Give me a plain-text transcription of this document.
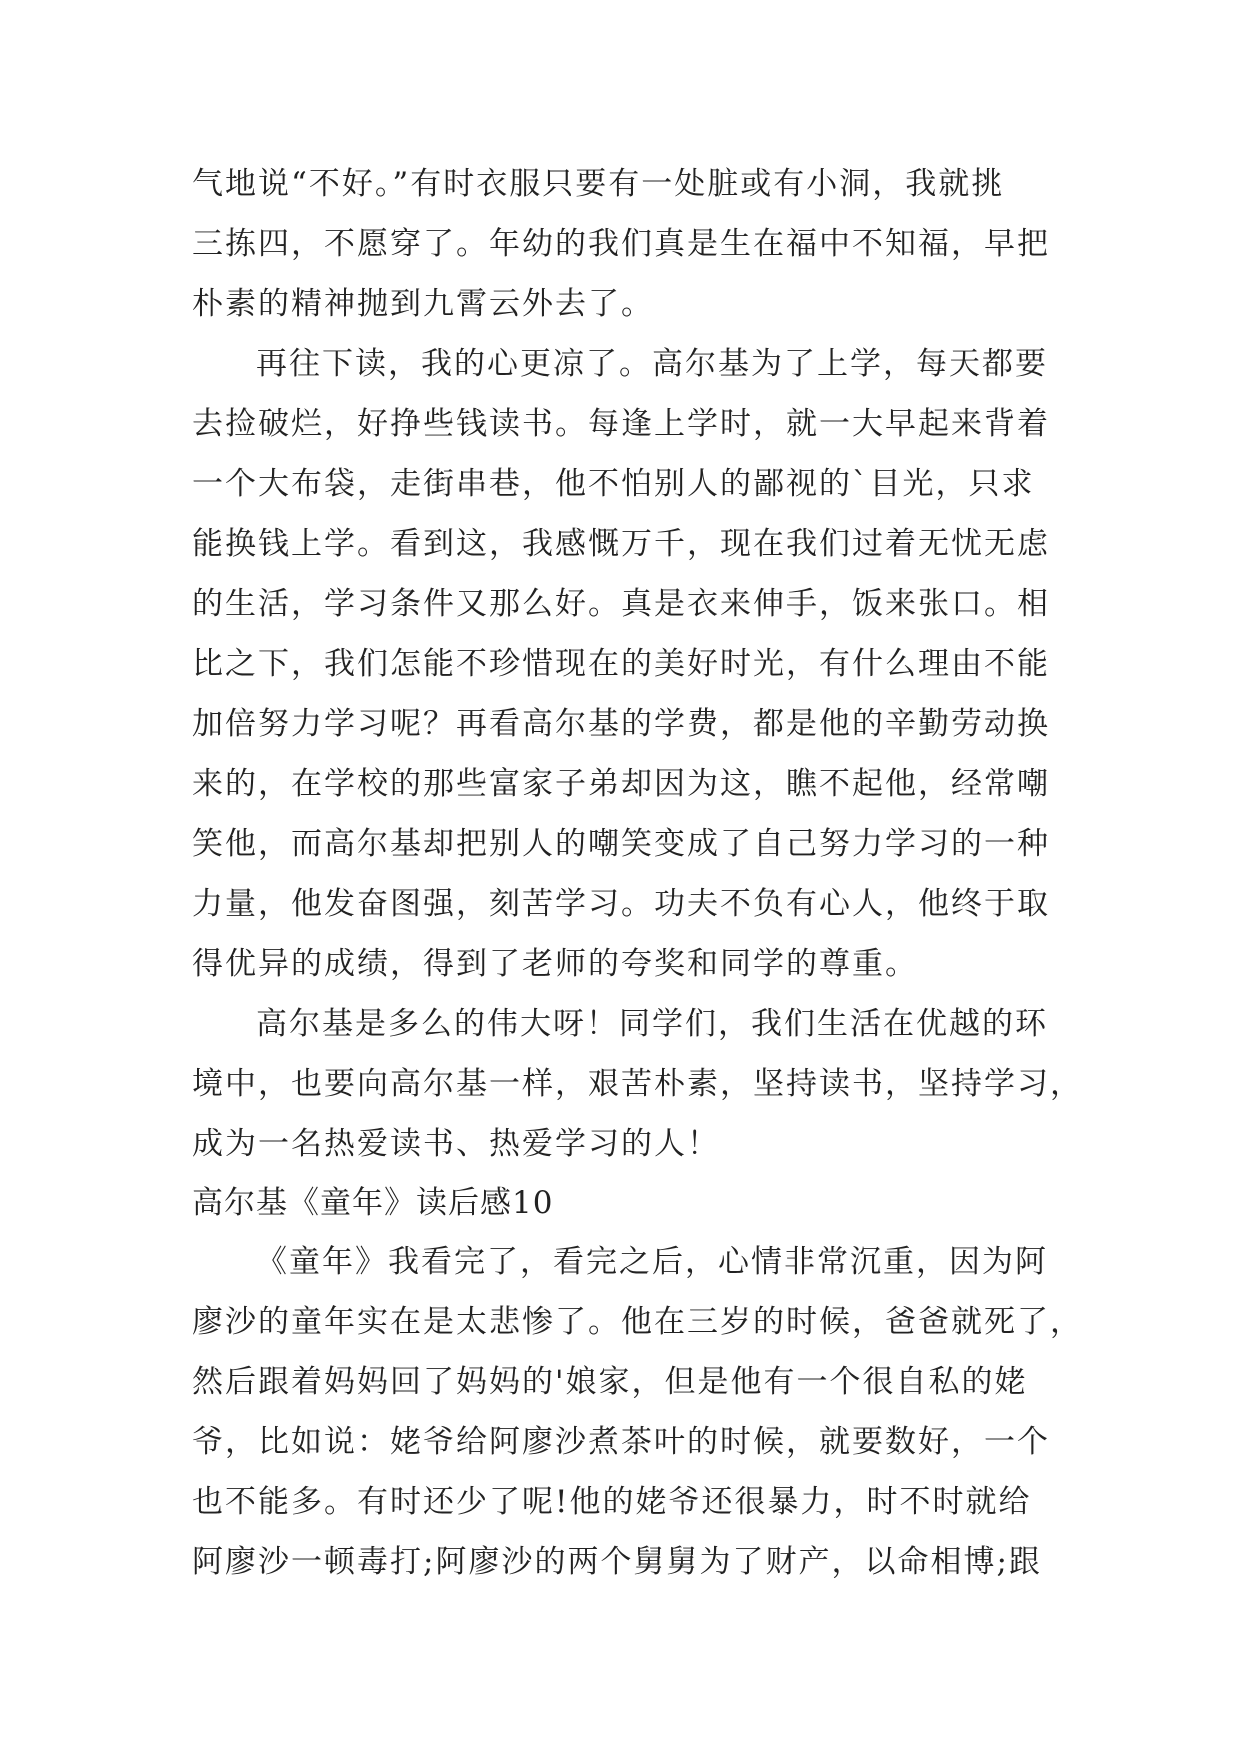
气地说“不好。”有时衣服只要有一处脏或有小洞，我就挑
三拣四，不愿穿了。年幼的我们真是生在福中不知福，早把
朴素的精神抛到九霄云外去了。
再往下读，我的心更凉了。高尔基为了上学，每天都要
去捡破烂，好挣些钱读书。每逢上学时，就一大早起来背着
一个大布袋，走街串巷，他不怕别人的鄙视的`目光，只求
能换钱上学。看到这，我感慨万千，现在我们过着无忧无虑
的生活，学习条件又那么好。真是衣来伸手，饭来张口。相
比之下，我们怎能不珍惜现在的美好时光，有什么理由不能
加倍努力学习呢？再看高尔基的学费，都是他的辛勤劳动换
来的，在学校的那些富家子弟却因为这，瞧不起他，经常嘲
笑他，而高尔基却把别人的嘲笑变成了自己努力学习的一种
力量，他发奋图强，刻苦学习。功夫不负有心人，他终于取
得优异的成绩，得到了老师的夸奖和同学的尊重。
高尔基是多么的伟大呀！同学们，我们生活在优越的环
境中，也要向高尔基一样，艰苦朴素，坚持读书，坚持学习，
成为一名热爱读书、热爱学习的人！
高尔基《童年》读后感10
《童年》我看完了，看完之后，心情非常沉重，因为阿
廖沙的童年实在是太悲惨了。他在三岁的时候，爸爸就死了，
然后跟着妈妈回了妈妈的'娘家，但是他有一个很自私的姥
爷，比如说：姥爷给阿廖沙煮茶叶的时候，就要数好，一个
也不能多。有时还少了呢!他的姥爷还很暴力，时不时就给
阿廖沙一顿毒打;阿廖沙的两个舅舅为了财产，以命相博;跟
